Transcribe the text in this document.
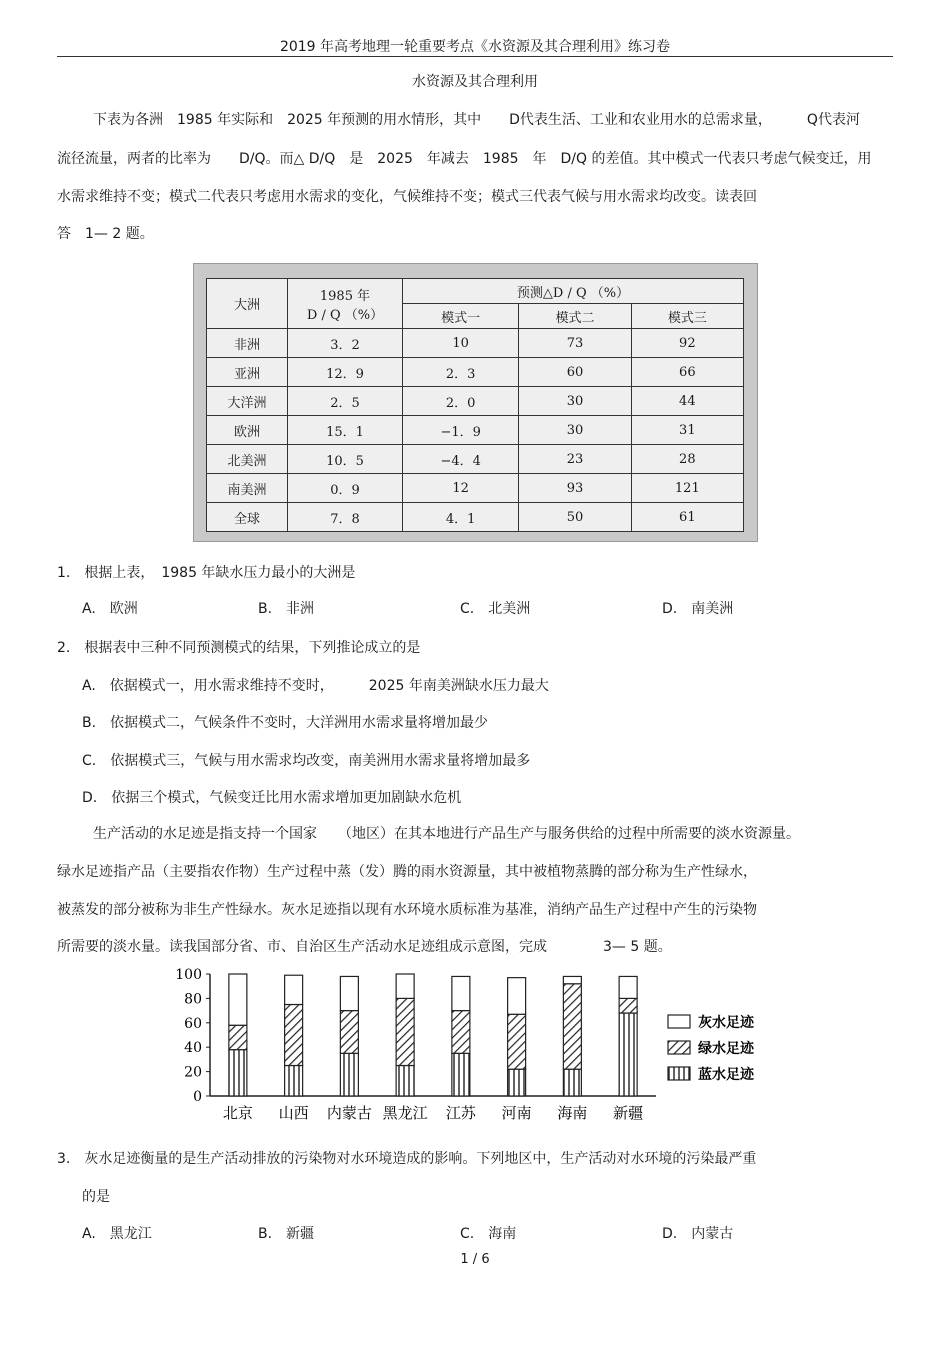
2019 年高考地理一轮重要考点《水资源及其合理利用》练习卷
水资源及其合理利用
下表为各洲　1985 年实际和　2025 年预测的用水情形，其中　　D代表生活、工业和农业用水的总需求量，　　　Q代表河
流径流量，两者的比率为　　D/Q。而△ D/Q　是　2025　年减去　1985　年　D/Q 的差值。其中模式一代表只考虑气候变迁，用
水需求维持不变；模式二代表只考虑用水需求的变化，气候维持不变；模式三代表气候与用水需求均改变。读表回
答　1— 2 题。
大洲	1985 年
D / Q （%）	预测△D / Q （%）		
		模式一	模式二	模式三
非洲	3．2	10	73	92
亚洲	12．9	2．3	60	66
大洋洲	2．5	2．0	30	44
欧洲	15．1	−1．9	30	31
北美洲	10．5	−4．4	23	28
南美洲	0．9	12	93	121
全球	7．8	4．1	50	61
1.　根据上表，　1985 年缺水压力最小的大洲是
A.　欧洲	B.　非洲	C.　北美洲	D.　南美洲
2.　根据表中三种不同预测模式的结果，下列推论成立的是
A.　依据模式一，用水需求维持不变时，　　　2025 年南美洲缺水压力最大
B.　依据模式二，气候条件不变时，大洋洲用水需求量将增加最少
C.　依据模式三，气候与用水需求均改变，南美洲用水需求量将增加最多
D.　依据三个模式，气候变迁比用水需求增加更加剧缺水危机
生产活动的水足迹是指支持一个国家　　（地区）在其本地进行产品生产与服务供给的过程中所需要的淡水资源量。
绿水足迹指产品（主要指农作物）生产过程中蒸（发）腾的雨水资源量，其中被植物蒸腾的部分称为生产性绿水，
被蒸发的部分被称为非生产性绿水。灰水足迹指以现有水环境水质标准为基准，消纳产品生产过程中产生的污染物
所需要的淡水量。读我国部分省、市、自治区生产活动水足迹组成示意图，完成　　　　3— 5 题。
0
20
40
60
80
100
北京 山西 内蒙古 黑龙江 江苏 河南 海南 新疆
灰水足迹
绿水足迹
蓝水足迹
3.　灰水足迹衡量的是生产活动排放的污染物对水环境造成的影响。下列地区中，生产活动对水环境的污染最严重
的是
A.　黑龙江	B.　新疆	C.　海南	D.　内蒙古
1 / 6
